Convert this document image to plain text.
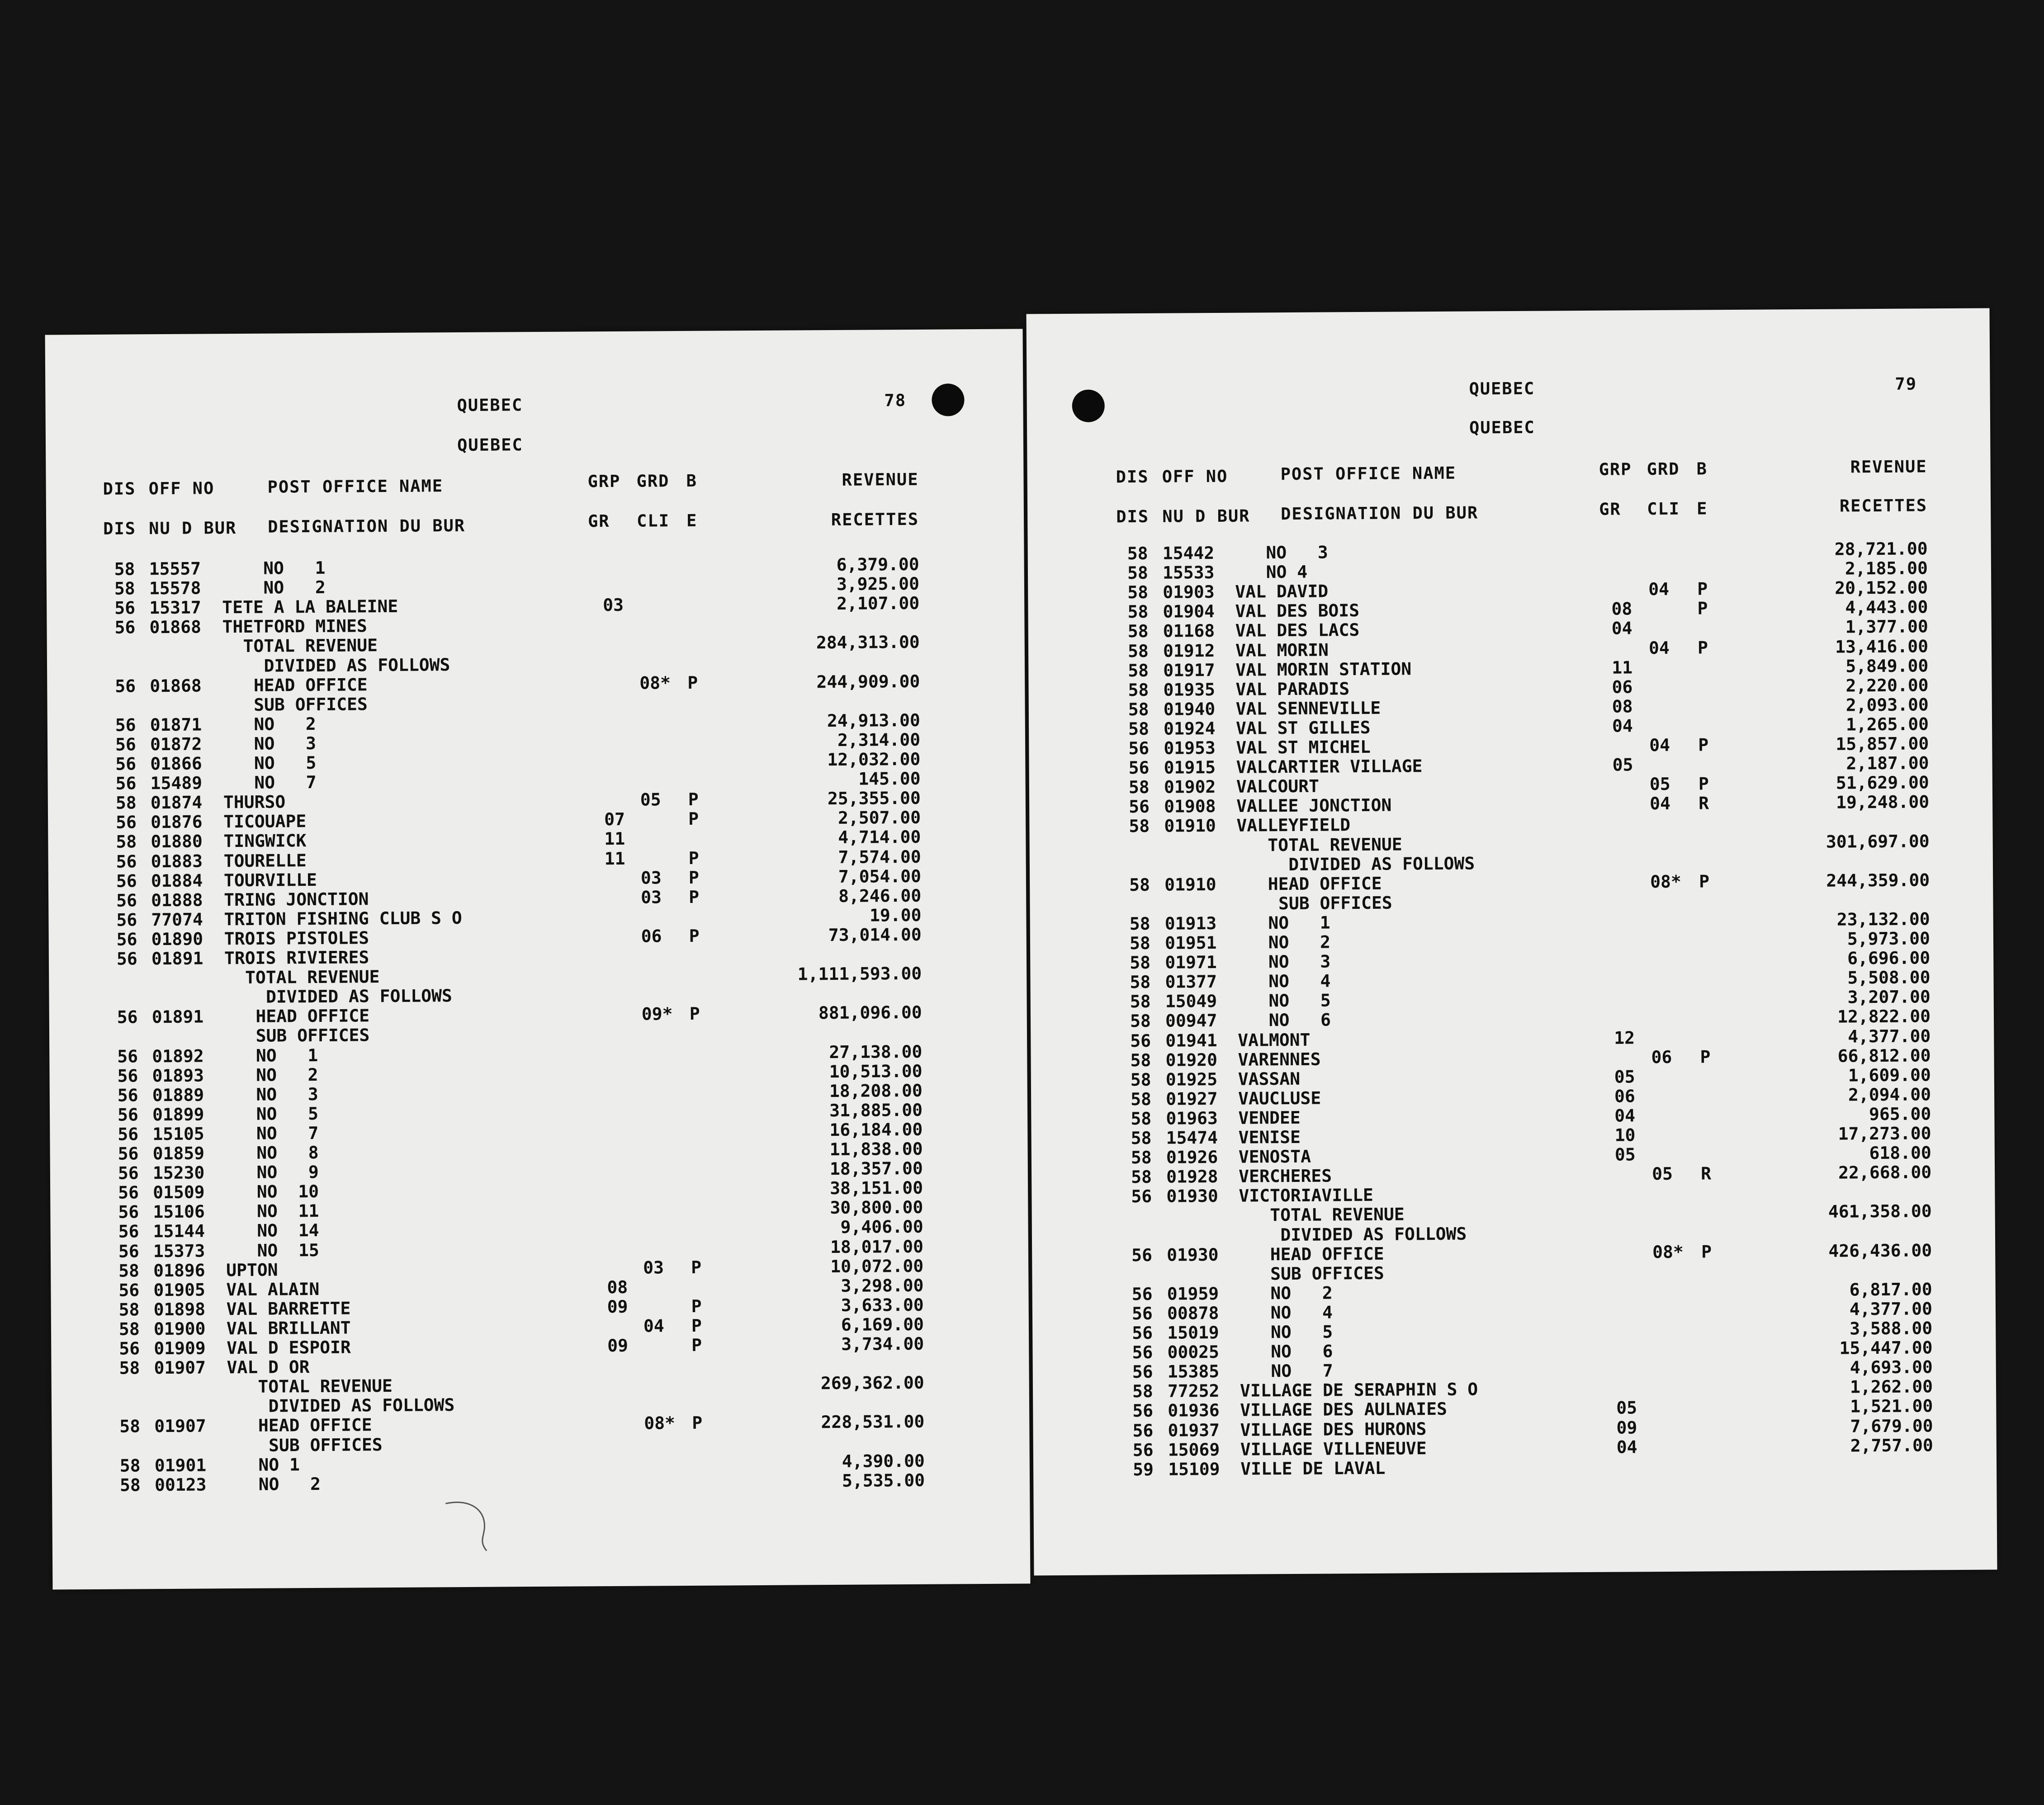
QUEBEC	78
QUEBEC
DIS OFF NO	POST OFFICE NAME	GRP GRD B	REVENUE
DIS NU D BUR DESIGNATION DU BUR	GR CLI E	RECETTES
58 15557 NO   1	6,379.00
58 15578 NO   2	3,925.00
56 15317 TETE A LA BALEINE	03	2,107.00
56 01868 THETFORD MINES
TOTAL REVENUE	284,313.00
DIVIDED AS FOLLOWS
56 01868 HEAD OFFICE	08* P	244,909.00
SUB OFFICES
56 01871 NO   2	24,913.00
56 01872 NO   3	2,314.00
56 01866 NO   5	12,032.00
56 15489 NO   7	145.00
58 01874 THURSO	05 P	25,355.00
56 01876 TICOUAPE	07	P	2,507.00
58 01880 TINGWICK	11	4,714.00
56 01883 TOURELLE	11	P	7,574.00
56 01884 TOURVILLE	03 P	7,054.00
56 01888 TRING JONCTION	03 P	8,246.00
56 77074 TRITON FISHING CLUB S O	19.00
56 01890 TROIS PISTOLES	06 P	73,014.00
56 01891 TROIS RIVIERES
TOTAL REVENUE	1,111,593.00
DIVIDED AS FOLLOWS
56 01891 HEAD OFFICE	09* P	881,096.00
SUB OFFICES
56 01892 NO   1	27,138.00
56 01893 NO   2	10,513.00
56 01889 NO   3	18,208.00
56 01899 NO   5	31,885.00
56 15105 NO   7	16,184.00
56 01859 NO   8	11,838.00
56 15230 NO   9	18,357.00
56 01509 NO  10	38,151.00
56 15106 NO  11	30,800.00
56 15144 NO  14	9,406.00
56 15373 NO  15	18,017.00
58 01896 UPTON	03 P	10,072.00
56 01905 VAL ALAIN	08	3,298.00
58 01898 VAL BARRETTE	09	P	3,633.00
58 01900 VAL BRILLANT	04 P	6,169.00
56 01909 VAL D ESPOIR	09	P	3,734.00
58 01907 VAL D OR
TOTAL REVENUE	269,362.00
DIVIDED AS FOLLOWS
58 01907 HEAD OFFICE	08* P	228,531.00
SUB OFFICES
58 01901 NO 1	4,390.00
58 00123 NO   2	5,535.00
QUEBEC	79
QUEBEC
DIS OFF NO	POST OFFICE NAME	GRP GRD B	REVENUE
DIS NU D BUR DESIGNATION DU BUR	GR CLI E	RECETTES
58 15442 NO   3	28,721.00
58 15533 NO 4	2,185.00
58 01903 VAL DAVID	04 P	20,152.00
58 01904 VAL DES BOIS	08	P	4,443.00
58 01168 VAL DES LACS	04	1,377.00
58 01912 VAL MORIN	04 P	13,416.00
58 01917 VAL MORIN STATION	11	5,849.00
58 01935 VAL PARADIS	06	2,220.00
58 01940 VAL SENNEVILLE	08	2,093.00
58 01924 VAL ST GILLES	04	1,265.00
56 01953 VAL ST MICHEL	04 P	15,857.00
56 01915 VALCARTIER VILLAGE	05	2,187.00
58 01902 VALCOURT	05 P	51,629.00
56 01908 VALLEE JONCTION	04 R	19,248.00
58 01910 VALLEYFIELD
TOTAL REVENUE	301,697.00
DIVIDED AS FOLLOWS
58 01910 HEAD OFFICE	08* P	244,359.00
SUB OFFICES
58 01913 NO   1	23,132.00
58 01951 NO   2	5,973.00
58 01971 NO   3	6,696.00
58 01377 NO   4	5,508.00
58 15049 NO   5	3,207.00
58 00947 NO   6	12,822.00
56 01941 VALMONT	12	4,377.00
58 01920 VARENNES	06 P	66,812.00
58 01925 VASSAN	05	1,609.00
58 01927 VAUCLUSE	06	2,094.00
58 01963 VENDEE	04	965.00
58 15474 VENISE	10	17,273.00
58 01926 VENOSTA	05	618.00
58 01928 VERCHERES	05 R	22,668.00
56 01930 VICTORIAVILLE
TOTAL REVENUE	461,358.00
DIVIDED AS FOLLOWS
56 01930 HEAD OFFICE	08* P	426,436.00
SUB OFFICES
56 01959 NO   2	6,817.00
56 00878 NO   4	4,377.00
56 15019 NO   5	3,588.00
56 00025 NO   6	15,447.00
56 15385 NO   7	4,693.00
58 77252 VILLAGE DE SERAPHIN S O	1,262.00
56 01936 VILLAGE DES AULNAIES	05	1,521.00
56 01937 VILLAGE DES HURONS	09	7,679.00
56 15069 VILLAGE VILLENEUVE	04	2,757.00
59 15109 VILLE DE LAVAL
